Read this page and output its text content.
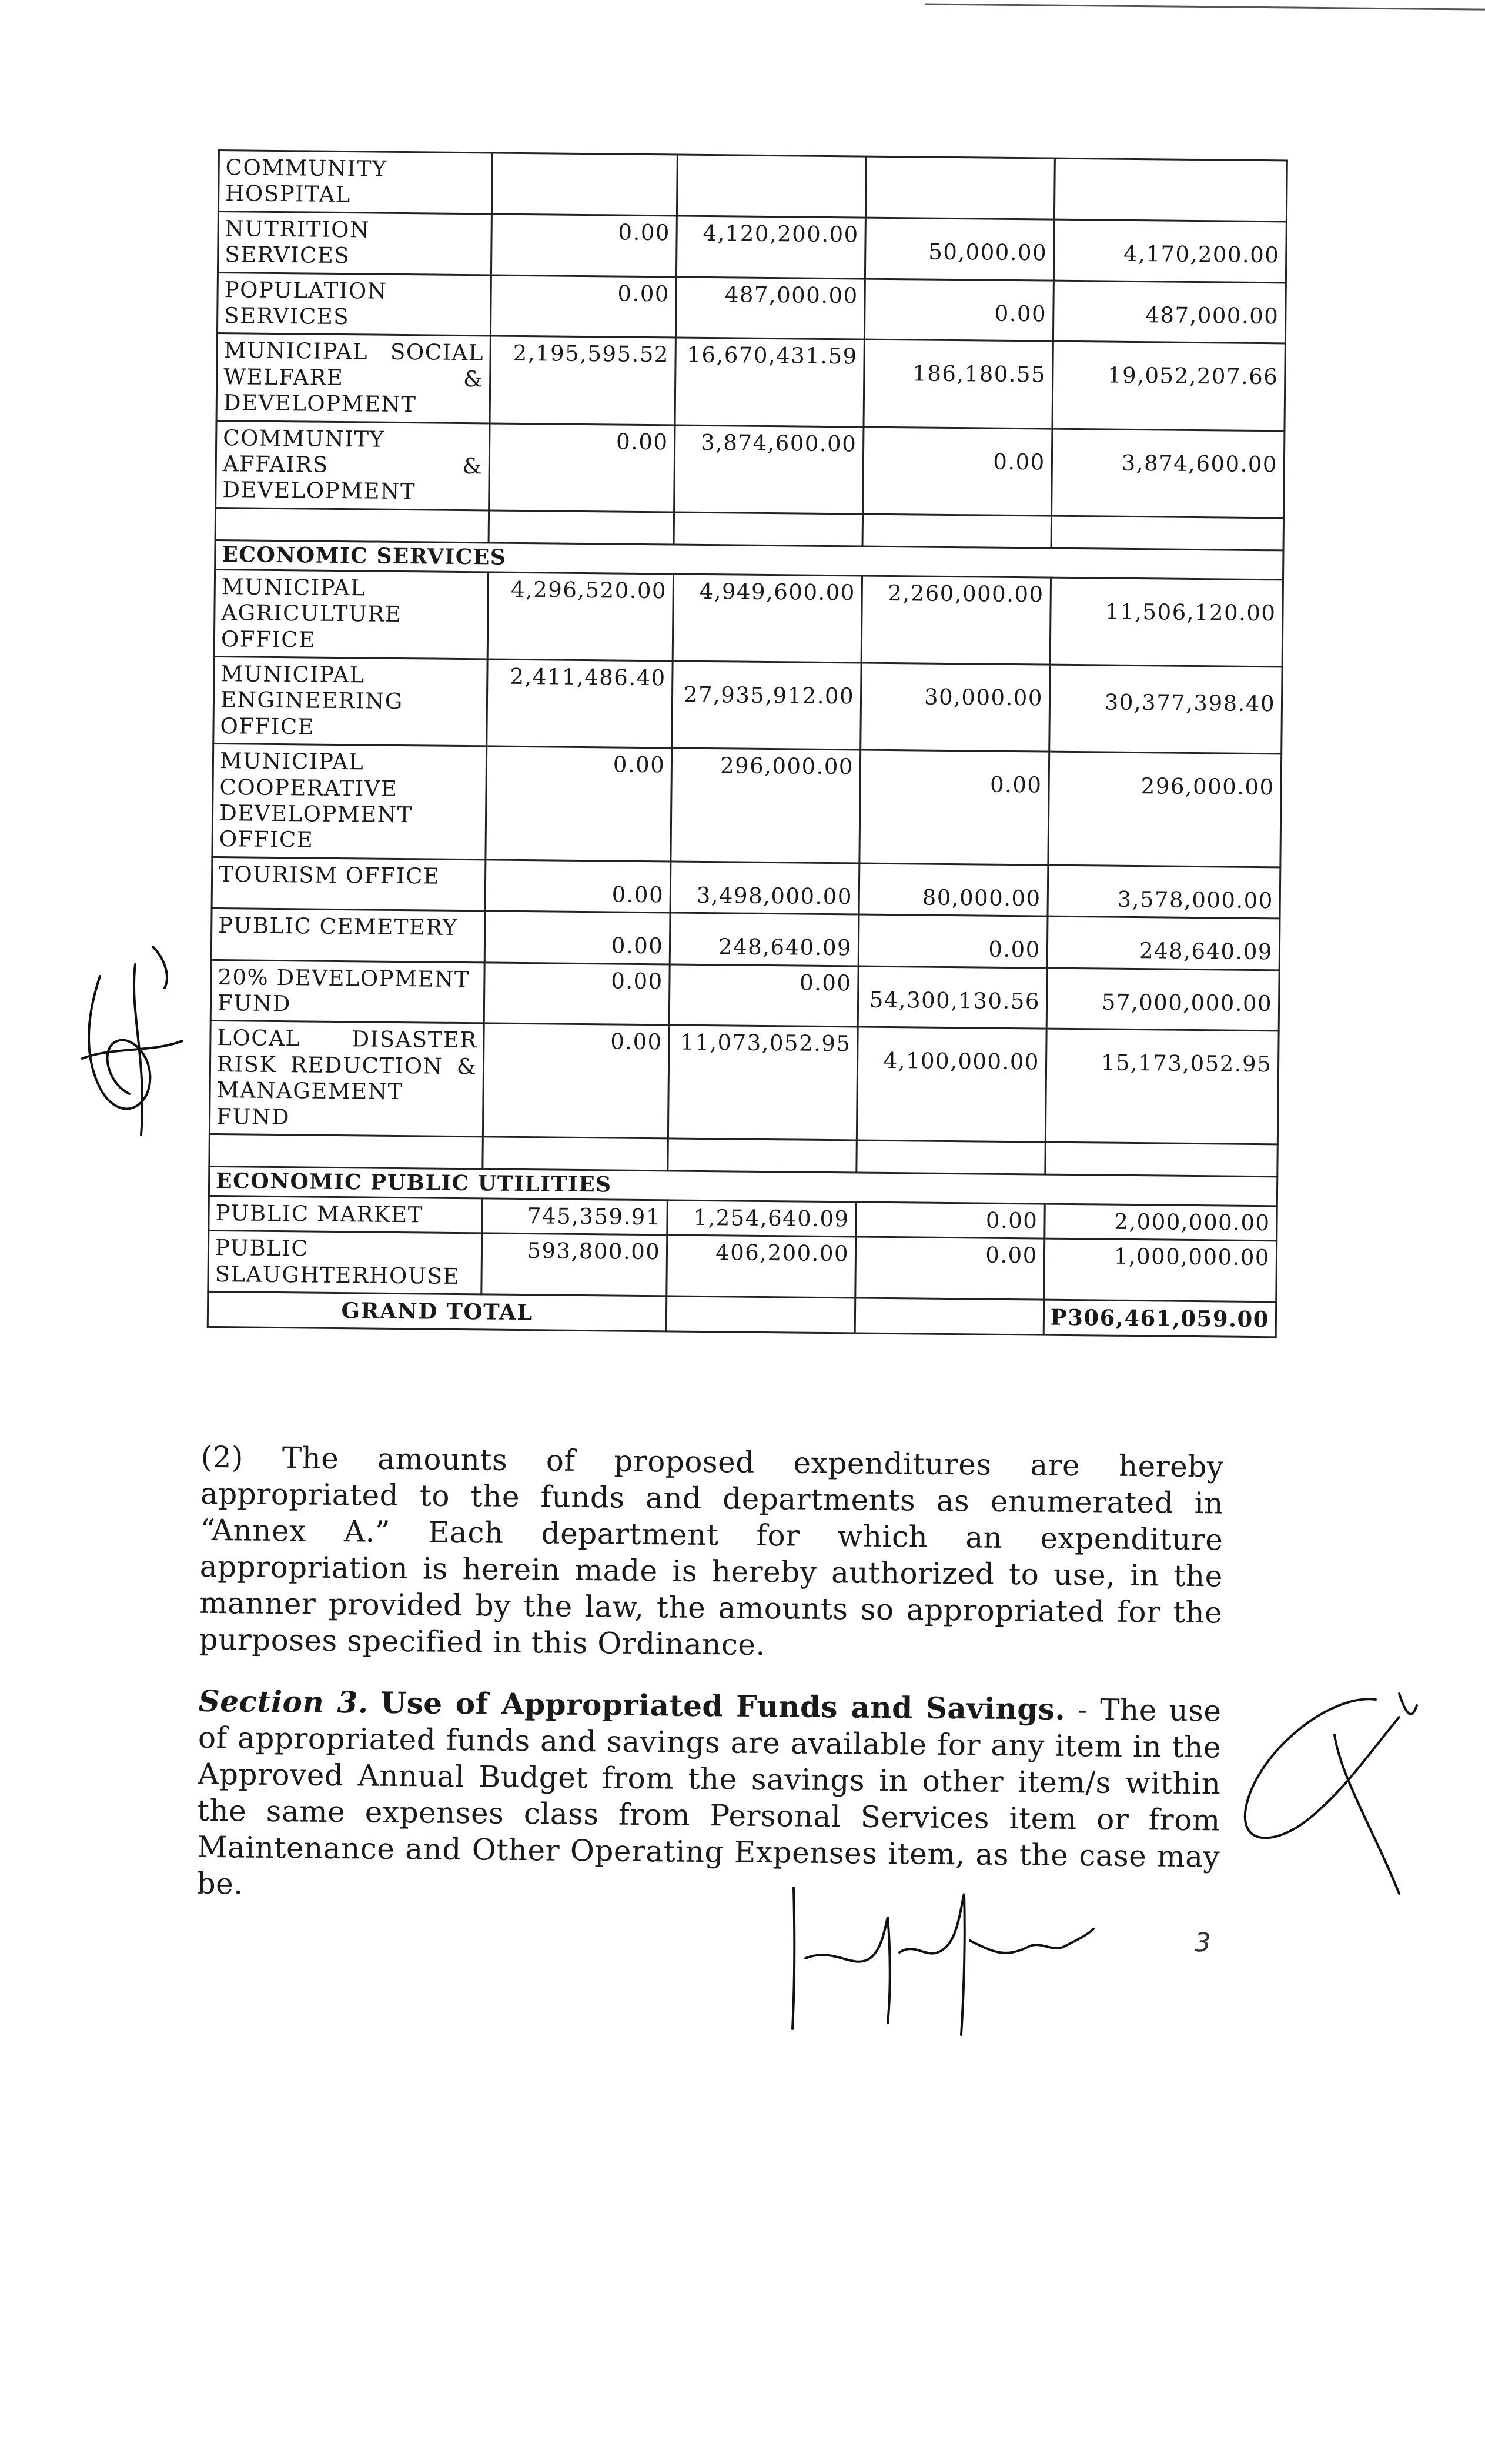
COMMUNITY HOSPITAL				
NUTRITION SERVICES	0.00	4,120,200.00	50,000.00	4,170,200.00
POPULATION SERVICES	0.00	487,000.00	0.00	487,000.00
MUNICIPAL SOCIAL WELFARE & DEVELOPMENT	2,195,595.52	16,670,431.59	186,180.55	19,052,207.66
COMMUNITY AFFAIRS & DEVELOPMENT	0.00	3,874,600.00	0.00	3,874,600.00

ECONOMIC SERVICES				
MUNICIPAL AGRICULTURE OFFICE	4,296,520.00	4,949,600.00	2,260,000.00	11,506,120.00
MUNICIPAL ENGINEERING OFFICE	2,411,486.40	27,935,912.00	30,000.00	30,377,398.40
MUNICIPAL COOPERATIVE DEVELOPMENT OFFICE	0.00	296,000.00	0.00	296,000.00
TOURISM OFFICE	0.00	3,498,000.00	80,000.00	3,578,000.00
PUBLIC CEMETERY	0.00	248,640.09	0.00	248,640.09
20% DEVELOPMENT FUND	0.00	0.00	54,300,130.56	57,000,000.00
LOCAL DISASTER RISK REDUCTION & MANAGEMENT FUND	0.00	11,073,052.95	4,100,000.00	15,173,052.95

ECONOMIC PUBLIC UTILITIES				
PUBLIC MARKET	745,359.91	1,254,640.09	0.00	2,000,000.00
PUBLIC SLAUGHTERHOUSE	593,800.00	406,200.00	0.00	1,000,000.00
GRAND TOTAL				P306,461,059.00

(2) The amounts of proposed expenditures are hereby appropriated to the funds and departments as enumerated in “Annex A.” Each department for which an expenditure appropriation is herein made is hereby authorized to use, in the manner provided by the law, the amounts so appropriated for the purposes specified in this Ordinance.

Section 3. Use of Appropriated Funds and Savings. - The use of appropriated funds and savings are available for any item in the Approved Annual Budget from the savings in other item/s within the same expenses class from Personal Services item or from Maintenance and Other Operating Expenses item, as the case may be.

3
